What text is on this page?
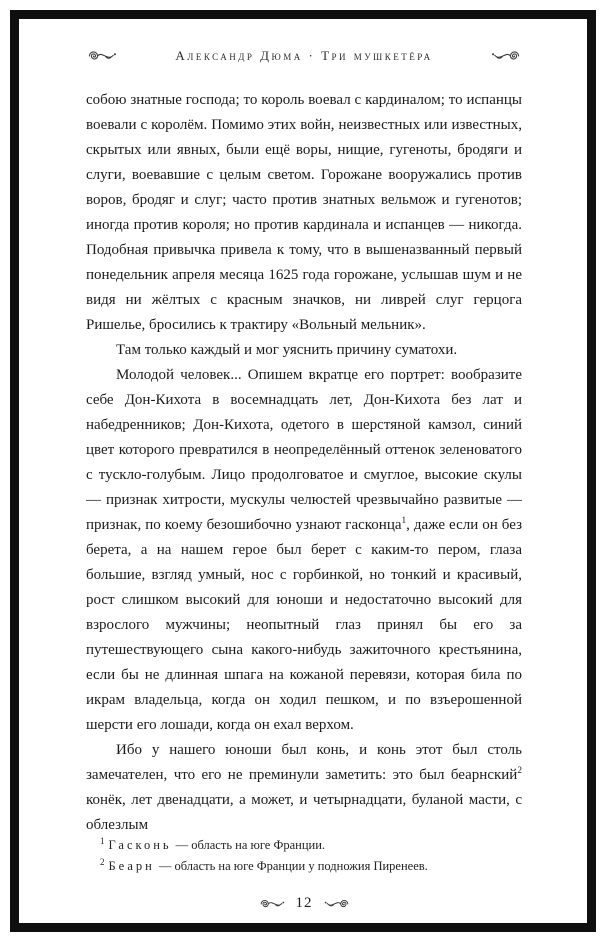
Александр Дюма · Три мушкетёра

собою знатные господа; то король воевал с кардиналом; то испанцы воевали с королём. Помимо этих войн, неизвестных или известных, скрытых или явных, были ещё воры, нищие, гугеноты, бродяги и слуги, воевавшие с целым светом. Горожане вооружались против воров, бродяг и слуг; часто против знатных вельмож и гугенотов; иногда против короля; но против кардинала и испанцев — никогда. Подобная привычка привела к тому, что в вышеназванный первый понедельник апреля месяца 1625 года горожане, услышав шум и не видя ни жёлтых с красным значков, ни ливрей слуг герцога Ришелье, бросились к трактиру «Вольный мельник».

Там только каждый и мог уяснить причину суматохи.

Молодой человек... Опишем вкратце его портрет: вообразите себе Дон-Кихота в восемнадцать лет, Дон-Кихота без лат и набедренников; Дон-Кихота, одетого в шерстяной камзол, синий цвет которого превратился в неопределённый оттенок зеленоватого с тускло-голубым. Лицо продолговатое и смуглое, высокие скулы — признак хитрости, мускулы челюстей чрезвычайно развитые — признак, по коему безошибочно узнают гасконца$^1$, даже если он без берета, а на нашем герое был берет с каким-то пером, глаза большие, взгляд умный, нос с горбинкой, но тонкий и красивый, рост слишком высокий для юноши и недостаточно высокий для взрослого мужчины; неопытный глаз принял бы его за путешествующего сына какого-нибудь зажиточного крестьянина, если бы не длинная шпага на кожаной перевязи, которая била по икрам владельца, когда он ходил пешком, и по взъерошенной шерсти его лошади, когда он ехал верхом.

Ибо у нашего юноши был конь, и конь этот был столь замечателен, что его не преминули заметить: это был беарнский$^2$ конёк, лет двенадцати, а может, и четырнадцати, буланой масти, с облезлым

$^1$ Гасконь — область на юге Франции.
$^2$ Беарн — область на юге Франции у подножия Пиренеев.
12
